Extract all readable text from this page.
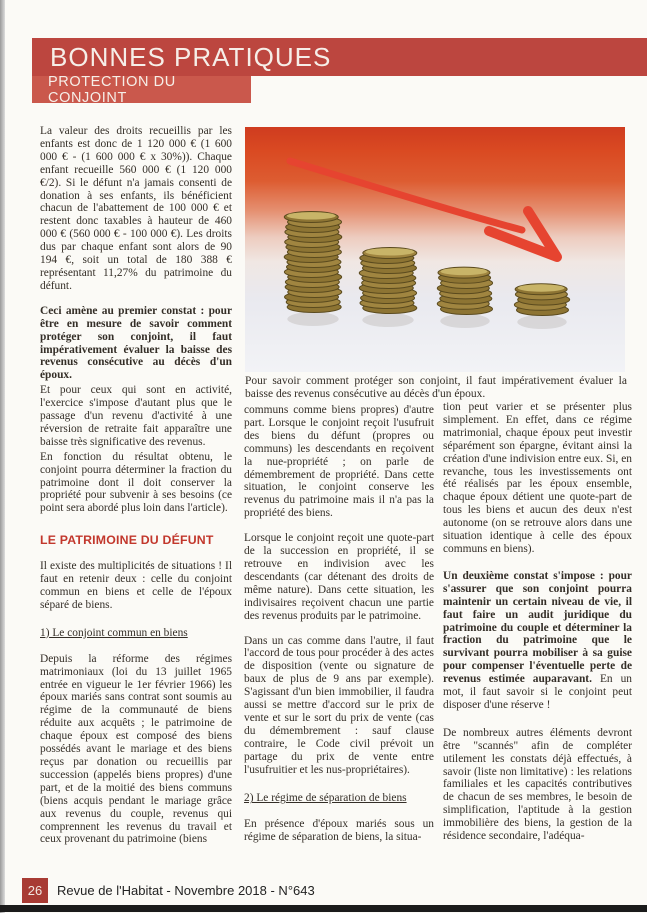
BONNES PRATIQUES
PROTECTION DU CONJOINT
Pour savoir comment protéger son conjoint, il faut impérativement évaluer la baisse des revenus consécutive au décès d'un époux.

La valeur des droits recueillis par les enfants est donc de 1 120 000 € (1 600 000 € - (1 600 000 € x 30%)). Chaque enfant recueille 560 000 € (1 120 000 €/2). Si le défunt n'a jamais consenti de donation à ses enfants, ils bénéficient chacun de l'abattement de 100 000 € et restent donc taxables à hauteur de 460 000 € (560 000 € - 100 000 €). Les droits dus par chaque enfant sont alors de 90 194 €, soit un total de 180 388 € représentant 11,27% du patrimoine du défunt.

Ceci amène au premier constat : pour être en mesure de savoir comment protéger son conjoint, il faut impérativement évaluer la baisse des revenus consécutive au décès d'un époux.

Et pour ceux qui sont en activité, l'exercice s'impose d'autant plus que le passage d'un revenu d'activité à une réversion de retraite fait apparaître une baisse très significative des revenus.

En fonction du résultat obtenu, le conjoint pourra déterminer la fraction du patrimoine dont il doit conserver la propriété pour subvenir à ses besoins (ce point sera abordé plus loin dans l'article).

LE PATRIMOINE DU DÉFUNT

Il existe des multiplicités de situations ! Il faut en retenir deux : celle du conjoint commun en biens et celle de l'époux séparé de biens.

1) Le conjoint commun en biens

Depuis la réforme des régimes matrimoniaux (loi du 13 juillet 1965 entrée en vigueur le 1er février 1966) les époux mariés sans contrat sont soumis au régime de la communauté de biens réduite aux acquêts ; le patrimoine de chaque époux est composé des biens possédés avant le mariage et des biens reçus par donation ou recueillis par succession (appelés biens propres) d'une part, et de la moitié des biens communs (biens acquis pendant le mariage grâce aux revenus du couple, revenus qui comprennent les revenus du travail et ceux provenant du patrimoine (biens

communs comme biens propres) d'autre part. Lorsque le conjoint reçoit l'usufruit des biens du défunt (propres ou communs) les descendants en reçoivent la nue-propriété ; on parle de démembrement de propriété. Dans cette situation, le conjoint conserve les revenus du patrimoine mais il n'a pas la propriété des biens.

Lorsque le conjoint reçoit une quote-part de la succession en propriété, il se retrouve en indivision avec les descendants (car détenant des droits de même nature). Dans cette situation, les indivisaires reçoivent chacun une partie des revenus produits par le patrimoine.

Dans un cas comme dans l'autre, il faut l'accord de tous pour procéder à des actes de disposition (vente ou signature de baux de plus de 9 ans par exemple). S'agissant d'un bien immobilier, il faudra aussi se mettre d'accord sur le prix de vente et sur le sort du prix de vente (cas du démembrement : sauf clause contraire, le Code civil prévoit un partage du prix de vente entre l'usufruitier et les nus-propriétaires).

2) Le régime de séparation de biens

En présence d'époux mariés sous un régime de séparation de biens, la situa-

tion peut varier et se présenter plus simplement. En effet, dans ce régime matrimonial, chaque époux peut investir séparément son épargne, évitant ainsi la création d'une indivision entre eux. Si, en revanche, tous les investissements ont été réalisés par les époux ensemble, chaque époux détient une quote-part de tous les biens et aucun des deux n'est autonome (on se retrouve alors dans une situation identique à celle des époux communs en biens).

Un deuxième constat s'impose : pour s'assurer que son conjoint pourra maintenir un certain niveau de vie, il faut faire un audit juridique du patrimoine du couple et déterminer la fraction du patrimoine que le survivant pourra mobiliser à sa guise pour compenser l'éventuelle perte de revenus estimée auparavant. En un mot, il faut savoir si le conjoint peut disposer d'une réserve !

De nombreux autres éléments devront être "scannés" afin de compléter utilement les constats déjà effectués, à savoir (liste non limitative) : les relations familiales et les capacités contributives de chacun de ses membres, le besoin de simplification, l'aptitude à la gestion immobilière des biens, la gestion de la résidence secondaire, l'adéqua-

26	Revue de l'Habitat - Novembre 2018 - N°643
